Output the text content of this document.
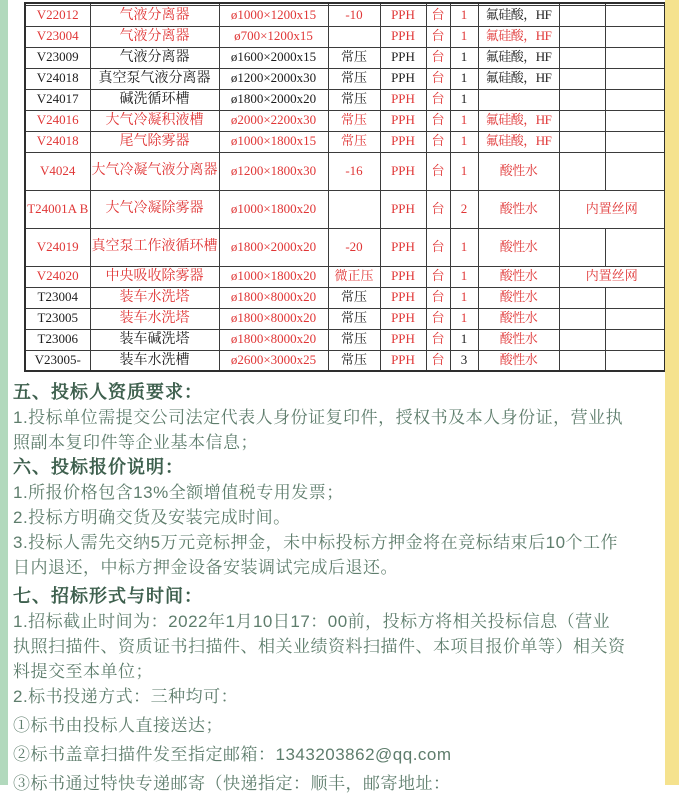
V22012	气液分离器	ø1000×1200x15	-10	PPH	台	1	氟硅酸，HF		
V23004	气液分离器	ø700×1200x15		PPH	台	1	氟硅酸，HF		
V23009	气液分离器	ø1600×2000x15	常压	PPH	台	1	氟硅酸，HF		
V24018	真空泵气液分离器	ø1200×2000x30	常压	PPH	台	1	氟硅酸，HF		
V24017	碱洗循环槽	ø1800×2000x20	常压	PPH	台	1			
V24016	大气冷凝积液槽	ø2000×2200x30	常压	PPH	台	1	氟硅酸，HF		
V24018	尾气除雾器	ø1000×1800x15	常压	PPH	台	1	氟硅酸，HF		
V4024	大气冷凝气液分离器	ø1200×1800x30	-16	PPH	台	1	酸性水		
T24001A B	大气冷凝除雾器	ø1000×1800x20		PPH	台	2	酸性水	内置丝网	
V24019	真空泵工作液循环槽	ø1800×2000x20	-20	PPH	台	1	酸性水		
V24020	中央吸收除雾器	ø1000×1800x20	微正压	PPH	台	1	酸性水	内置丝网	
T23004	装车水洗塔	ø1800×8000x20	常压	PPH	台	1	酸性水		
T23005	装车水洗塔	ø1800×8000x20	常压	PPH	台	1	酸性水		
T23006	装车碱洗塔	ø1800×8000x20	常压	PPH	台	1	酸性水		
V23005-	装车水洗槽	ø2600×3000x25	常压	PPH	台	3	酸性水		
五、投标人资质要求：
1.投标单位需提交公司法定代表人身份证复印件，授权书及本人身份证，营业执
照副本复印件等企业基本信息；
六、投标报价说明：
1.所报价格包含13%全额增值税专用发票；
2.投标方明确交货及安装完成时间。
3.投标人需先交纳5万元竞标押金，未中标投标方押金将在竞标结束后10个工作
日内退还，中标方押金设备安装调试完成后退还。
七、招标形式与时间：
1.招标截止时间为：2022年1月10日17：00前，投标方将相关投标信息（营业
执照扫描件、资质证书扫描件、相关业绩资料扫描件、本项目报价单等）相关资
料提交至本单位；
2.标书投递方式：三种均可：
①标书由投标人直接送达；
②标书盖章扫描件发至指定邮箱：1343203862@qq.com
③标书通过特快专递邮寄（快递指定：顺丰，邮寄地址：
